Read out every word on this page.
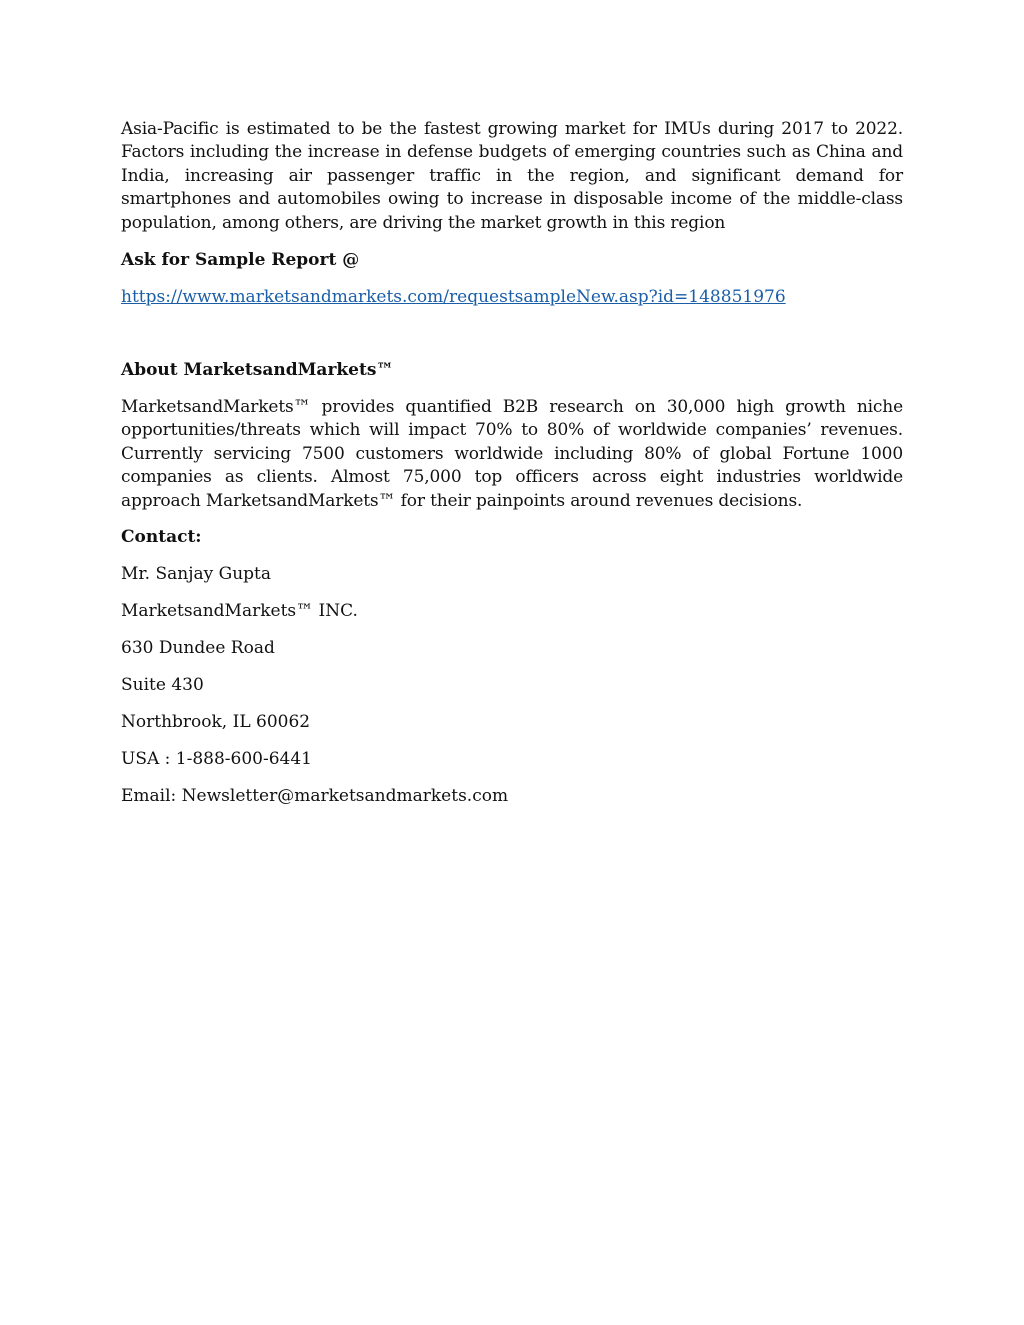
Asia-Pacific is estimated to be the fastest growing market for IMUs during 2017 to 2022. Factors including the increase in defense budgets of emerging countries such as China and India, increasing air passenger traffic in the region, and significant demand for smartphones and automobiles owing to increase in disposable income of the middle-class population, among others, are driving the market growth in this region

Ask for Sample Report @

https://www.marketsandmarkets.com/requestsampleNew.asp?id=148851976

About MarketsandMarkets™

MarketsandMarkets™ provides quantified B2B research on 30,000 high growth niche opportunities/threats which will impact 70% to 80% of worldwide companies’ revenues. Currently servicing 7500 customers worldwide including 80% of global Fortune 1000 companies as clients. Almost 75,000 top officers across eight industries worldwide approach MarketsandMarkets™ for their painpoints around revenues decisions.

Contact:

Mr. Sanjay Gupta

MarketsandMarkets™ INC.

630 Dundee Road

Suite 430

Northbrook, IL 60062

USA : 1-888-600-6441

Email: Newsletter@marketsandmarkets.com
